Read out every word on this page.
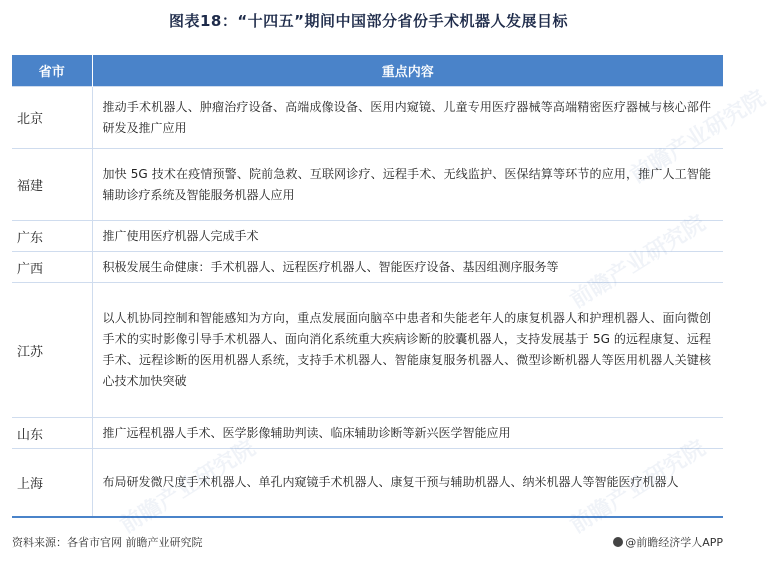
图表18：“十四五”期间中国部分省份手术机器人发展目标
省市	重点内容
北京	推动手术机器人、肿瘤治疗设备、高端成像设备、医用内窥镜、儿童专用医疗器械等高端精密医疗器械与核心部件研发及推广应用
福建	加快 5G 技术在疫情预警、院前急救、互联网诊疗、远程手术、无线监护、医保结算等环节的应用，推广人工智能辅助诊疗系统及智能服务机器人应用
广东	推广使用医疗机器人完成手术
广西	积极发展生命健康：手术机器人、远程医疗机器人、智能医疗设备、基因组测序服务等
江苏	以人机协同控制和智能感知为方向，重点发展面向脑卒中患者和失能老年人的康复机器人和护理机器人、面向微创手术的实时影像引导手术机器人、面向消化系统重大疾病诊断的胶囊机器人，支持发展基于 5G 的远程康复、远程手术、远程诊断的医用机器人系统，支持手术机器人、智能康复服务机器人、微型诊断机器人等医用机器人关键核心技术加快突破
山东	推广远程机器人手术、医学影像辅助判读、临床辅助诊断等新兴医学智能应用
上海	布局研发微尺度手术机器人、单孔内窥镜手术机器人、康复干预与辅助机器人、纳米机器人等智能医疗机器人
前瞻产业研究院
前瞻产业研究院
前瞻产业研究院	前瞻产业研究院
资料来源：各省市官网 前瞻产业研究院	@前瞻经济学人APP
